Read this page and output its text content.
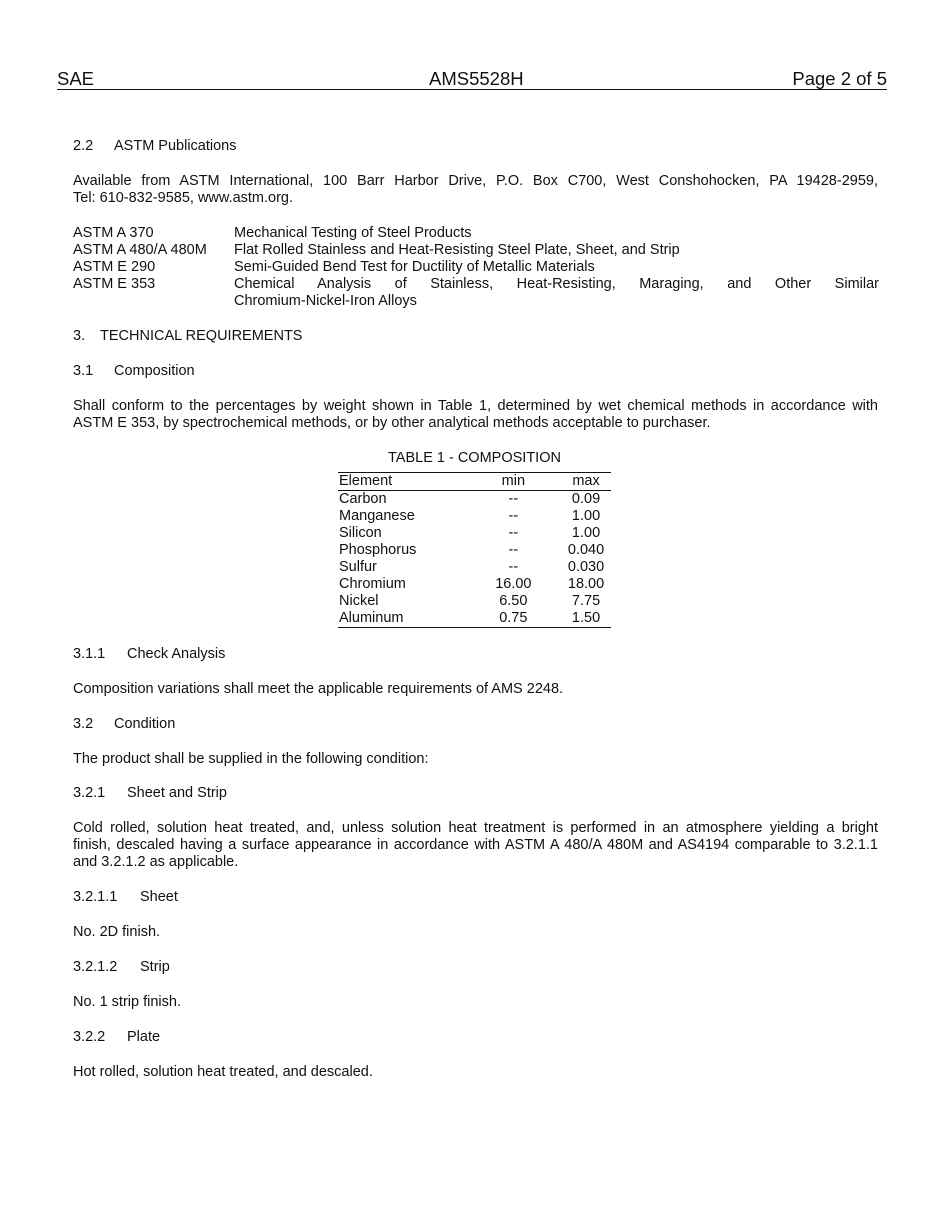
SAE	AMS5528H	Page 2 of 5
2.2 ASTM Publications
Available from ASTM International, 100 Barr Harbor Drive, P.O. Box C700, West Conshohocken, PA 19428-2959,
Tel: 610-832-9585, www.astm.org.
ASTM A 370	Mechanical Testing of Steel Products
ASTM A 480/A 480M	Flat Rolled Stainless and Heat-Resisting Steel Plate, Sheet, and Strip
ASTM E 290	Semi-Guided Bend Test for Ductility of Metallic Materials
ASTM E 353	Chemical Analysis of Stainless, Heat-Resisting, Maraging, and Other Similar
Chromium-Nickel-Iron Alloys
3. TECHNICAL REQUIREMENTS
3.1 Composition
Shall conform to the percentages by weight shown in Table 1, determined by wet chemical methods in accordance with
ASTM E 353, by spectrochemical methods, or by other analytical methods acceptable to purchaser.
TABLE 1 - COMPOSITION
Element	min		max
Carbon	--		0.09
Manganese	--		1.00
Silicon	--		1.00
Phosphorus	--		0.040
Sulfur	--		0.030
Chromium	16.00		18.00
Nickel	6.50		7.75
Aluminum	0.75		1.50
3.1.1 Check Analysis
Composition variations shall meet the applicable requirements of AMS 2248.
3.2 Condition
The product shall be supplied in the following condition:
3.2.1 Sheet and Strip
Cold rolled, solution heat treated, and, unless solution heat treatment is performed in an atmosphere yielding a bright
finish, descaled having a surface appearance in accordance with ASTM A 480/A 480M and AS4194 comparable to 3.2.1.1
and 3.2.1.2 as applicable.
3.2.1.1 Sheet
No. 2D finish.
3.2.1.2 Strip
No. 1 strip finish.
3.2.2 Plate
Hot rolled, solution heat treated, and descaled.
